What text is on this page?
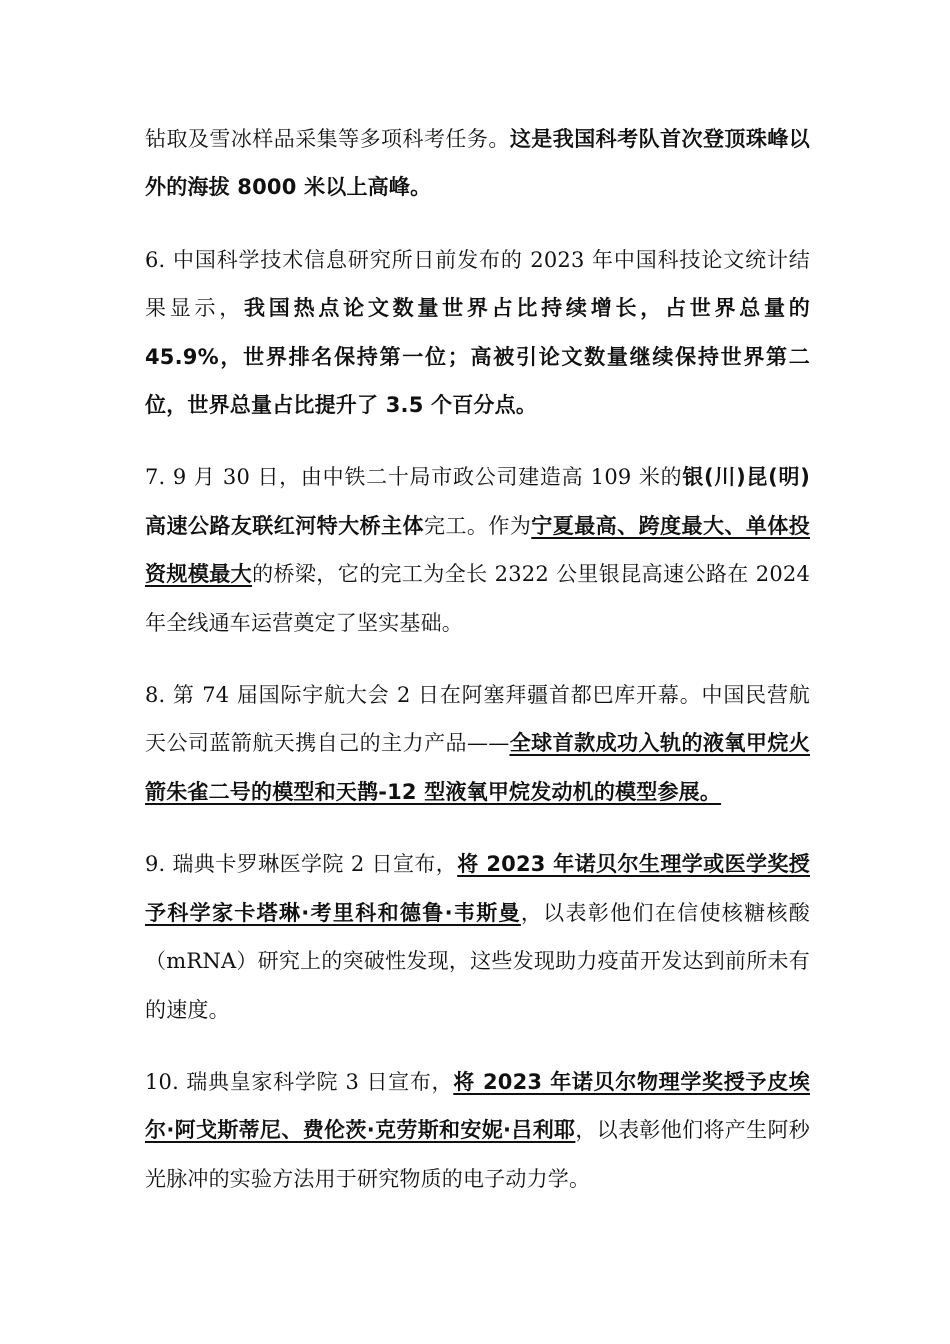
钻取及雪冰样品采集等多项科考任务。这是我国科考队首次登顶珠峰以外的海拔 8000 米以上高峰。

6. 中国科学技术信息研究所日前发布的 2023 年中国科技论文统计结果显示，我国热点论文数量世界占比持续增长，占世界总量的 45.9%，世界排名保持第一位；高被引论文数量继续保持世界第二位，世界总量占比提升了 3.5 个百分点。

7. 9 月 30 日，由中铁二十局市政公司建造高 109 米的银(川)昆(明)高速公路友联红河特大桥主体完工。作为宁夏最高、跨度最大、单体投资规模最大的桥梁，它的完工为全长 2322 公里银昆高速公路在 2024 年全线通车运营奠定了坚实基础。

8. 第 74 届国际宇航大会 2 日在阿塞拜疆首都巴库开幕。中国民营航天公司蓝箭航天携自己的主力产品——全球首款成功入轨的液氧甲烷火箭朱雀二号的模型和天鹊-12 型液氧甲烷发动机的模型参展。

9. 瑞典卡罗琳医学院 2 日宣布，将 2023 年诺贝尔生理学或医学奖授予科学家卡塔琳·考里科和德鲁·韦斯曼，以表彰他们在信使核糖核酸（mRNA）研究上的突破性发现，这些发现助力疫苗开发达到前所未有的速度。

10. 瑞典皇家科学院 3 日宣布，将 2023 年诺贝尔物理学奖授予皮埃尔·阿戈斯蒂尼、费伦茨·克劳斯和安妮·吕利耶，以表彰他们将产生阿秒光脉冲的实验方法用于研究物质的电子动力学。
